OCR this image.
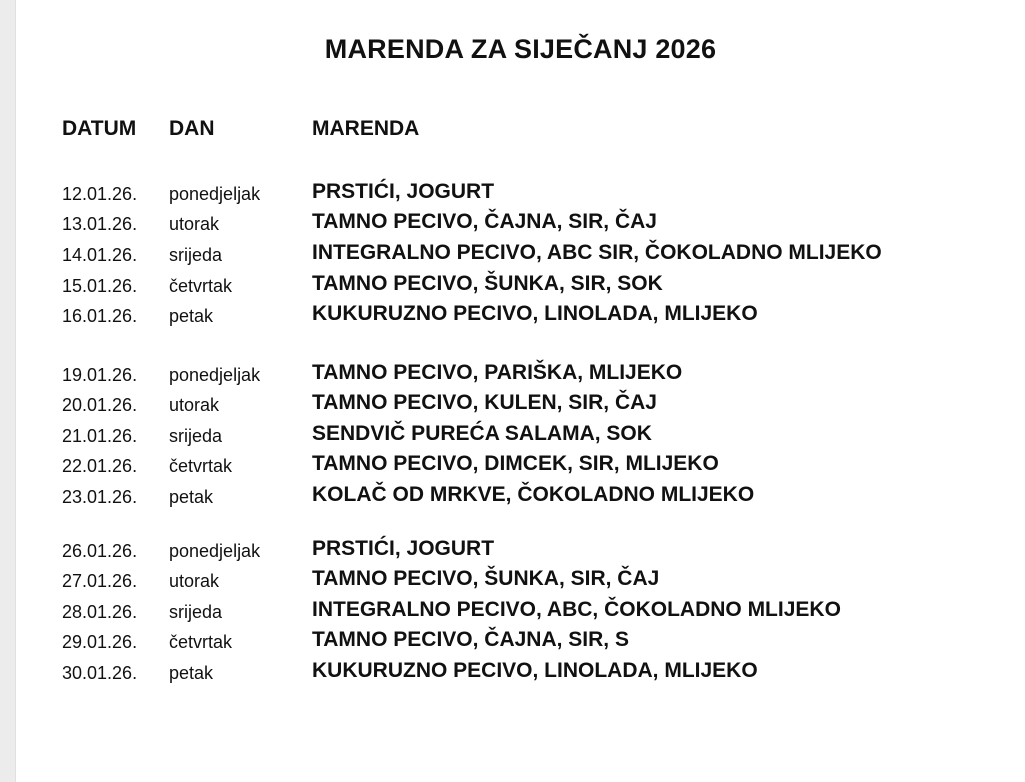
MARENDA ZA SIJEČANJ 2026
DATUM DAN	MARENDA
12.01.26. ponedjeljak PRSTIĆI, JOGURT
13.01.26. utorak	TAMNO PECIVO, ČAJNA, SIR, ČAJ
14.01.26. srijeda	INTEGRALNO PECIVO, ABC SIR, ČOKOLADNO MLIJEKO
15.01.26. četvrtak	TAMNO PECIVO, ŠUNKA, SIR, SOK
16.01.26. petak	KUKURUZNO PECIVO, LINOLADA, MLIJEKO
19.01.26. ponedjeljak TAMNO PECIVO, PARIŠKA, MLIJEKO
20.01.26. utorak	TAMNO PECIVO, KULEN, SIR, ČAJ
21.01.26. srijeda	SENDVIČ PUREĆA SALAMA, SOK
22.01.26. četvrtak	TAMNO PECIVO, DIMCEK, SIR, MLIJEKO
23.01.26. petak	KOLAČ OD MRKVE, ČOKOLADNO MLIJEKO
26.01.26. ponedjeljak PRSTIĆI, JOGURT
27.01.26. utorak	TAMNO PECIVO, ŠUNKA, SIR, ČAJ
28.01.26. srijeda	INTEGRALNO PECIVO, ABC, ČOKOLADNO MLIJEKO
29.01.26. četvrtak	TAMNO PECIVO, ČAJNA, SIR, S
30.01.26. petak	KUKURUZNO PECIVO, LINOLADA, MLIJEKO
